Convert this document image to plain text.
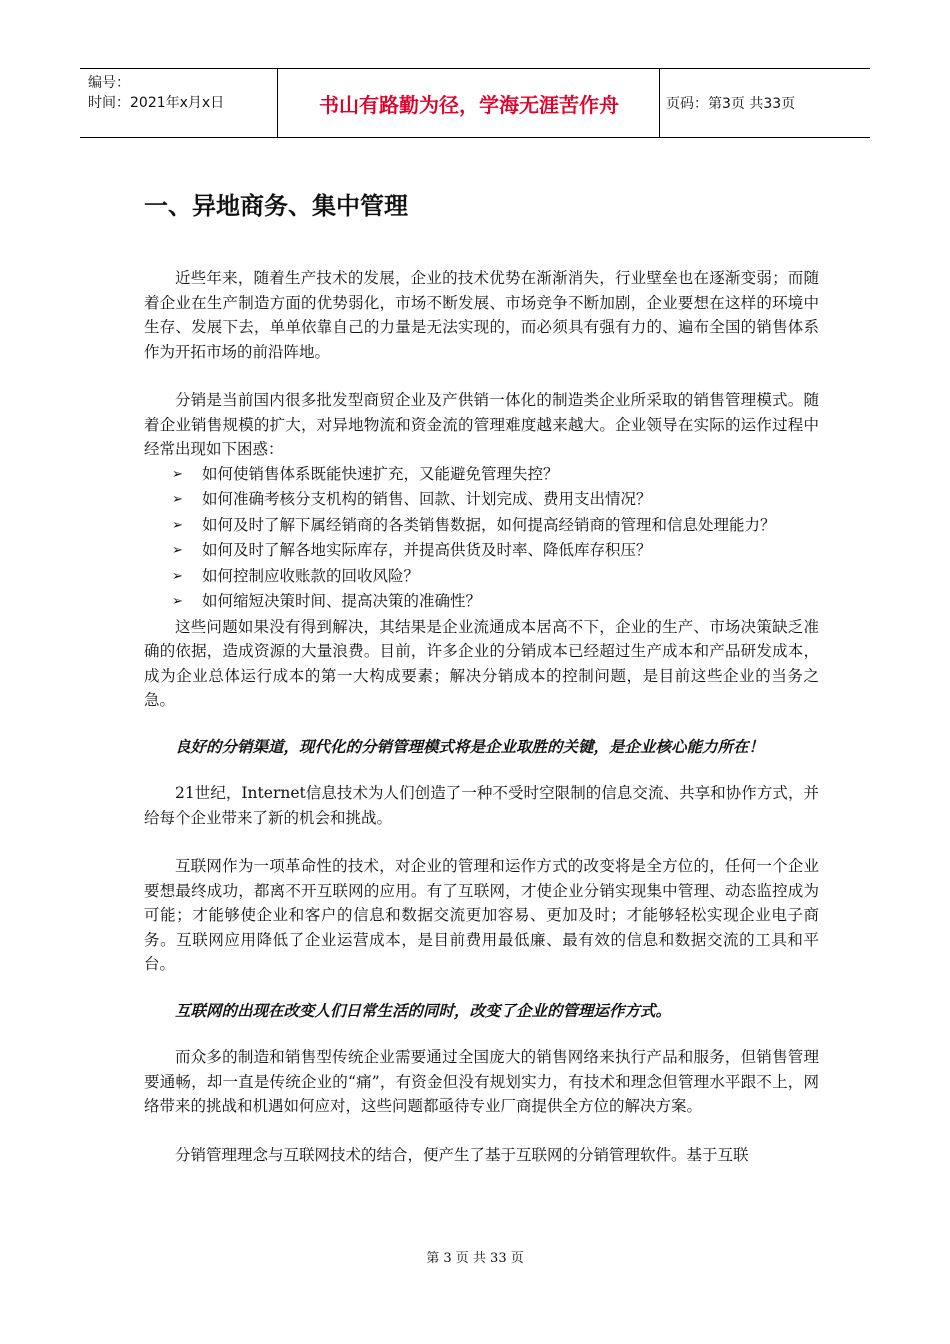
编号：
时间：2021年x月x日	书山有路勤为径，学海无涯苦作舟	页码：第3页 共33页
一、异地商务、集中管理

近些年来，随着生产技术的发展，企业的技术优势在渐渐消失，行业壁垒也在逐渐变弱；而随着企业在生产制造方面的优势弱化，市场不断发展、市场竞争不断加剧，企业要想在这样的环境中生存、发展下去，单单依靠自己的力量是无法实现的，而必须具有强有力的、遍布全国的销售体系作为开拓市场的前沿阵地。

分销是当前国内很多批发型商贸企业及产供销一体化的制造类企业所采取的销售管理模式。随着企业销售规模的扩大，对异地物流和资金流的管理难度越来越大。企业领导在实际的运作过程中经常出现如下困惑：

➢ 如何使销售体系既能快速扩充，又能避免管理失控？
➢ 如何准确考核分支机构的销售、回款、计划完成、费用支出情况？
➢ 如何及时了解下属经销商的各类销售数据，如何提高经销商的管理和信息处理能力？
➢ 如何及时了解各地实际库存，并提高供货及时率、降低库存积压？
➢ 如何控制应收账款的回收风险？
➢ 如何缩短决策时间、提高决策的准确性？

这些问题如果没有得到解决，其结果是企业流通成本居高不下，企业的生产、市场决策缺乏准确的依据，造成资源的大量浪费。目前，许多企业的分销成本已经超过生产成本和产品研发成本，成为企业总体运行成本的第一大构成要素；解决分销成本的控制问题，是目前这些企业的当务之急。

良好的分销渠道，现代化的分销管理模式将是企业取胜的关键，是企业核心能力所在！

21世纪，Internet信息技术为人们创造了一种不受时空限制的信息交流、共享和协作方式，并给每个企业带来了新的机会和挑战。

互联网作为一项革命性的技术，对企业的管理和运作方式的改变将是全方位的，任何一个企业要想最终成功，都离不开互联网的应用。有了互联网，才使企业分销实现集中管理、动态监控成为可能；才能够使企业和客户的信息和数据交流更加容易、更加及时；才能够轻松实现企业电子商务。互联网应用降低了企业运营成本，是目前费用最低廉、最有效的信息和数据交流的工具和平台。

互联网的出现在改变人们日常生活的同时，改变了企业的管理运作方式。

而众多的制造和销售型传统企业需要通过全国庞大的销售网络来执行产品和服务，但销售管理要通畅，却一直是传统企业的“痛”，有资金但没有规划实力，有技术和理念但管理水平跟不上，网络带来的挑战和机遇如何应对，这些问题都亟待专业厂商提供全方位的解决方案。

分销管理理念与互联网技术的结合，便产生了基于互联网的分销管理软件。基于互联

第 3 页 共 33 页
